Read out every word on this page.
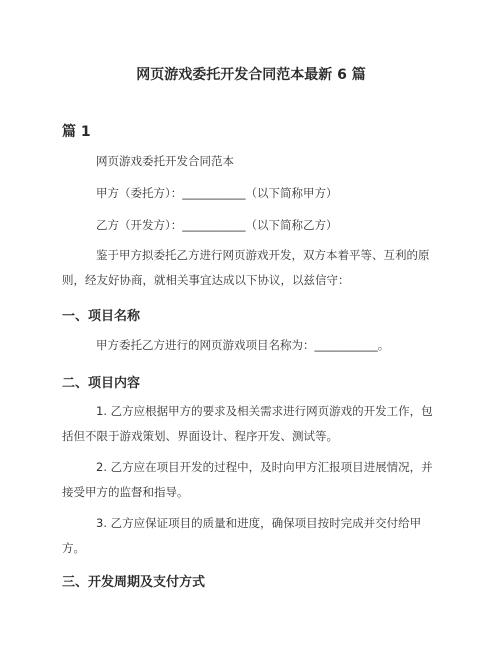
网页游戏委托开发合同范本最新 6 篇
篇 1
网页游戏委托开发合同范本
甲方（委托方）：___________（以下简称甲方）
乙方（开发方）：___________（以下简称乙方）
鉴于甲方拟委托乙方进行网页游戏开发，双方本着平等、互利的原则，经友好协商，就相关事宜达成以下协议，以兹信守：
一、项目名称
甲方委托乙方进行的网页游戏项目名称为：___________。
二、项目内容
1. 乙方应根据甲方的要求及相关需求进行网页游戏的开发工作，包括但不限于游戏策划、界面设计、程序开发、测试等。
2. 乙方应在项目开发的过程中，及时向甲方汇报项目进展情况，并接受甲方的监督和指导。
3. 乙方应保证项目的质量和进度，确保项目按时完成并交付给甲方。
三、开发周期及支付方式
